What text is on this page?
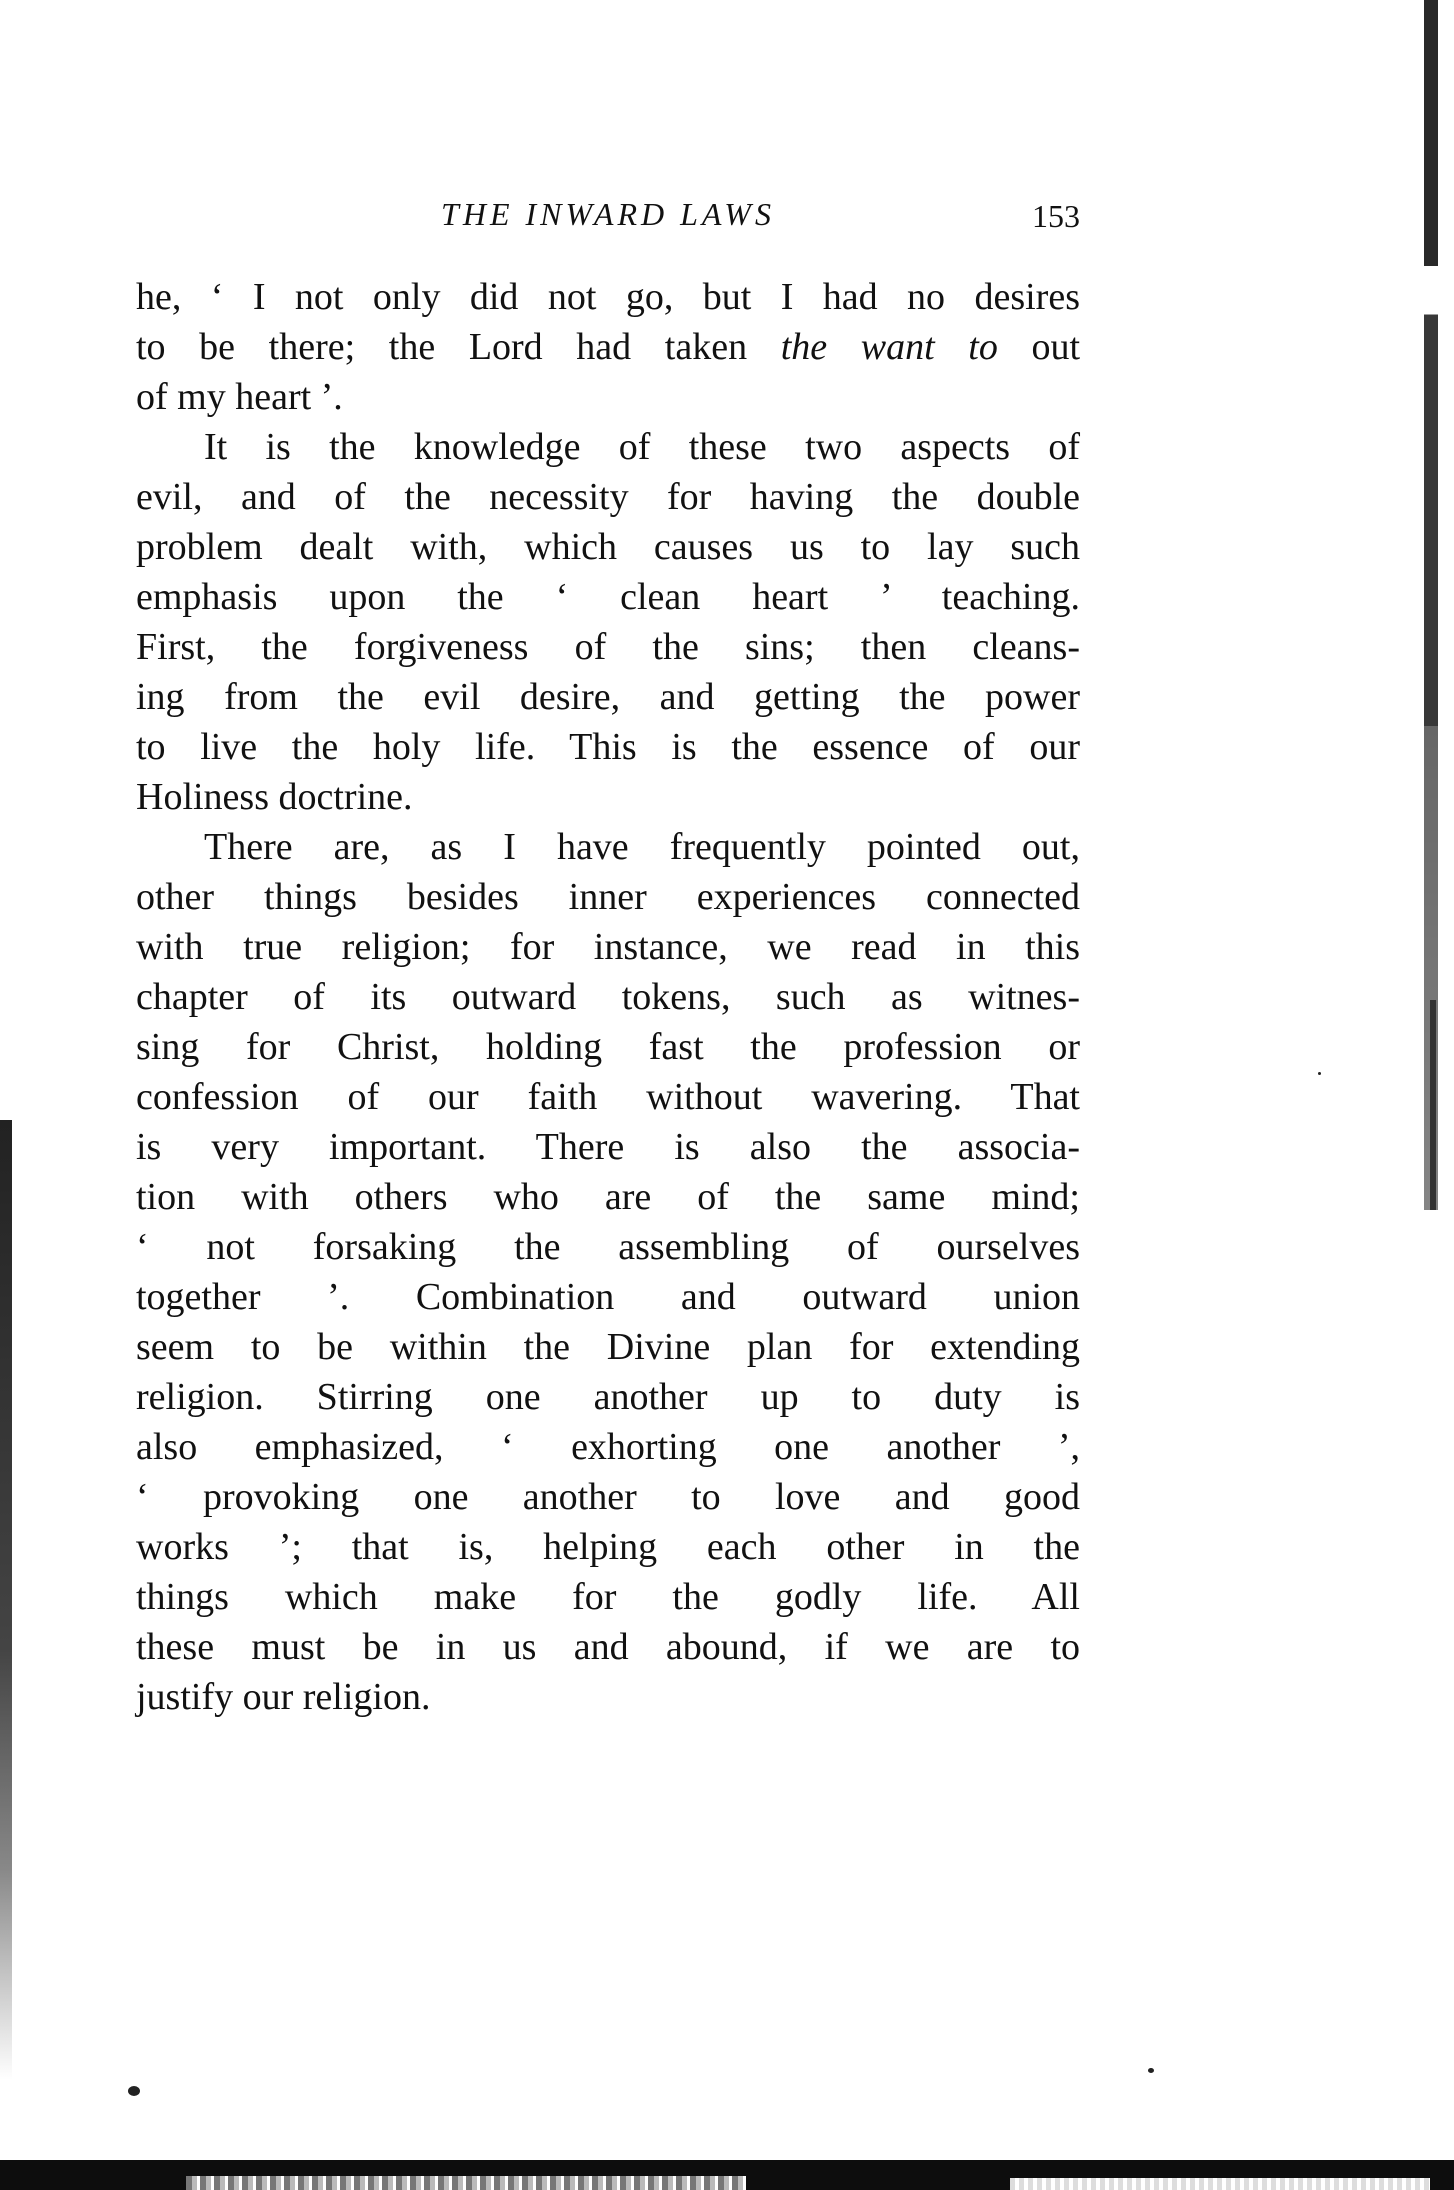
THE INWARD LAWS	153
he, ‘ I not only did not go, but I had no desires
to be there; the Lord had taken the want to out
of my heart ’.
It is the knowledge of these two aspects of
evil, and of the necessity for having the double
problem dealt with, which causes us to lay such
emphasis upon the ‘ clean heart ’ teaching.
First, the forgiveness of the sins; then cleans-
ing from the evil desire, and getting the power
to live the holy life. This is the essence of our
Holiness doctrine.
There are, as I have frequently pointed out,
other things besides inner experiences connected
with true religion; for instance, we read in this
chapter of its outward tokens, such as witnes-
sing for Christ, holding fast the profession or
confession of our faith without wavering. That
is very important. There is also the associa-
tion with others who are of the same mind;
‘ not forsaking the assembling of ourselves
together ’. Combination and outward union
seem to be within the Divine plan for extending
religion. Stirring one another up to duty is
also emphasized, ‘ exhorting one another ’,
‘ provoking one another to love and good
works ’; that is, helping each other in the
things which make for the godly life. All
these must be in us and abound, if we are to
justify our religion.
